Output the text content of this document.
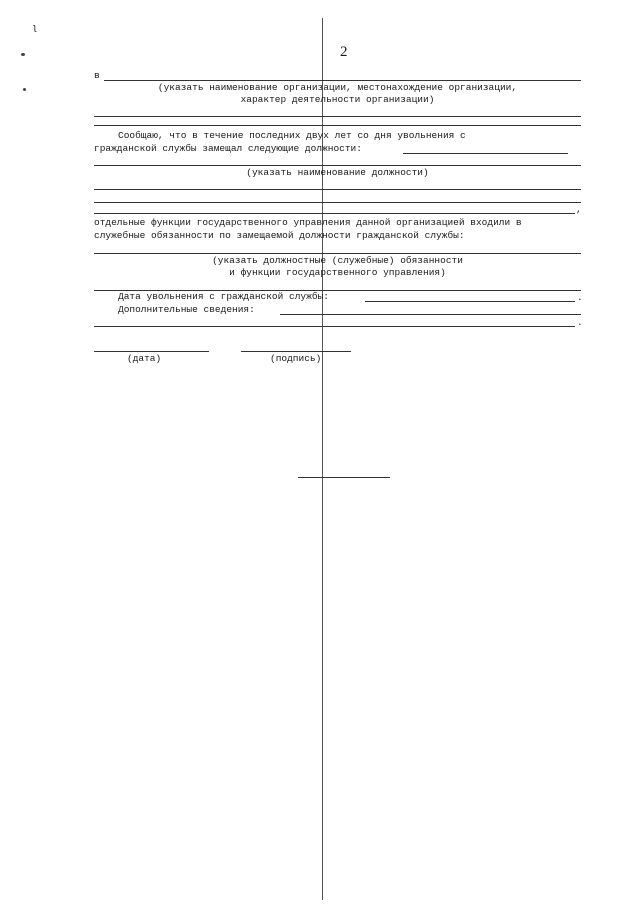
ʅ
2
в
(указать наименование организации, местонахождение организации,
характер деятельности организации)
Сообщаю, что в течение последних двух лет со дня увольнения с
гражданской службы замещал следующие должности:
(указать наименование должности)
,
отдельные функции государственного управления данной организацией входили в
служебные обязанности по замещаемой должности гражданской службы:
(указать должностные (служебные) обязанности
и функции государственного управления)
Дата увольнения с гражданской службы:	.
Дополнительные сведения:
.
(дата)	(подпись)
